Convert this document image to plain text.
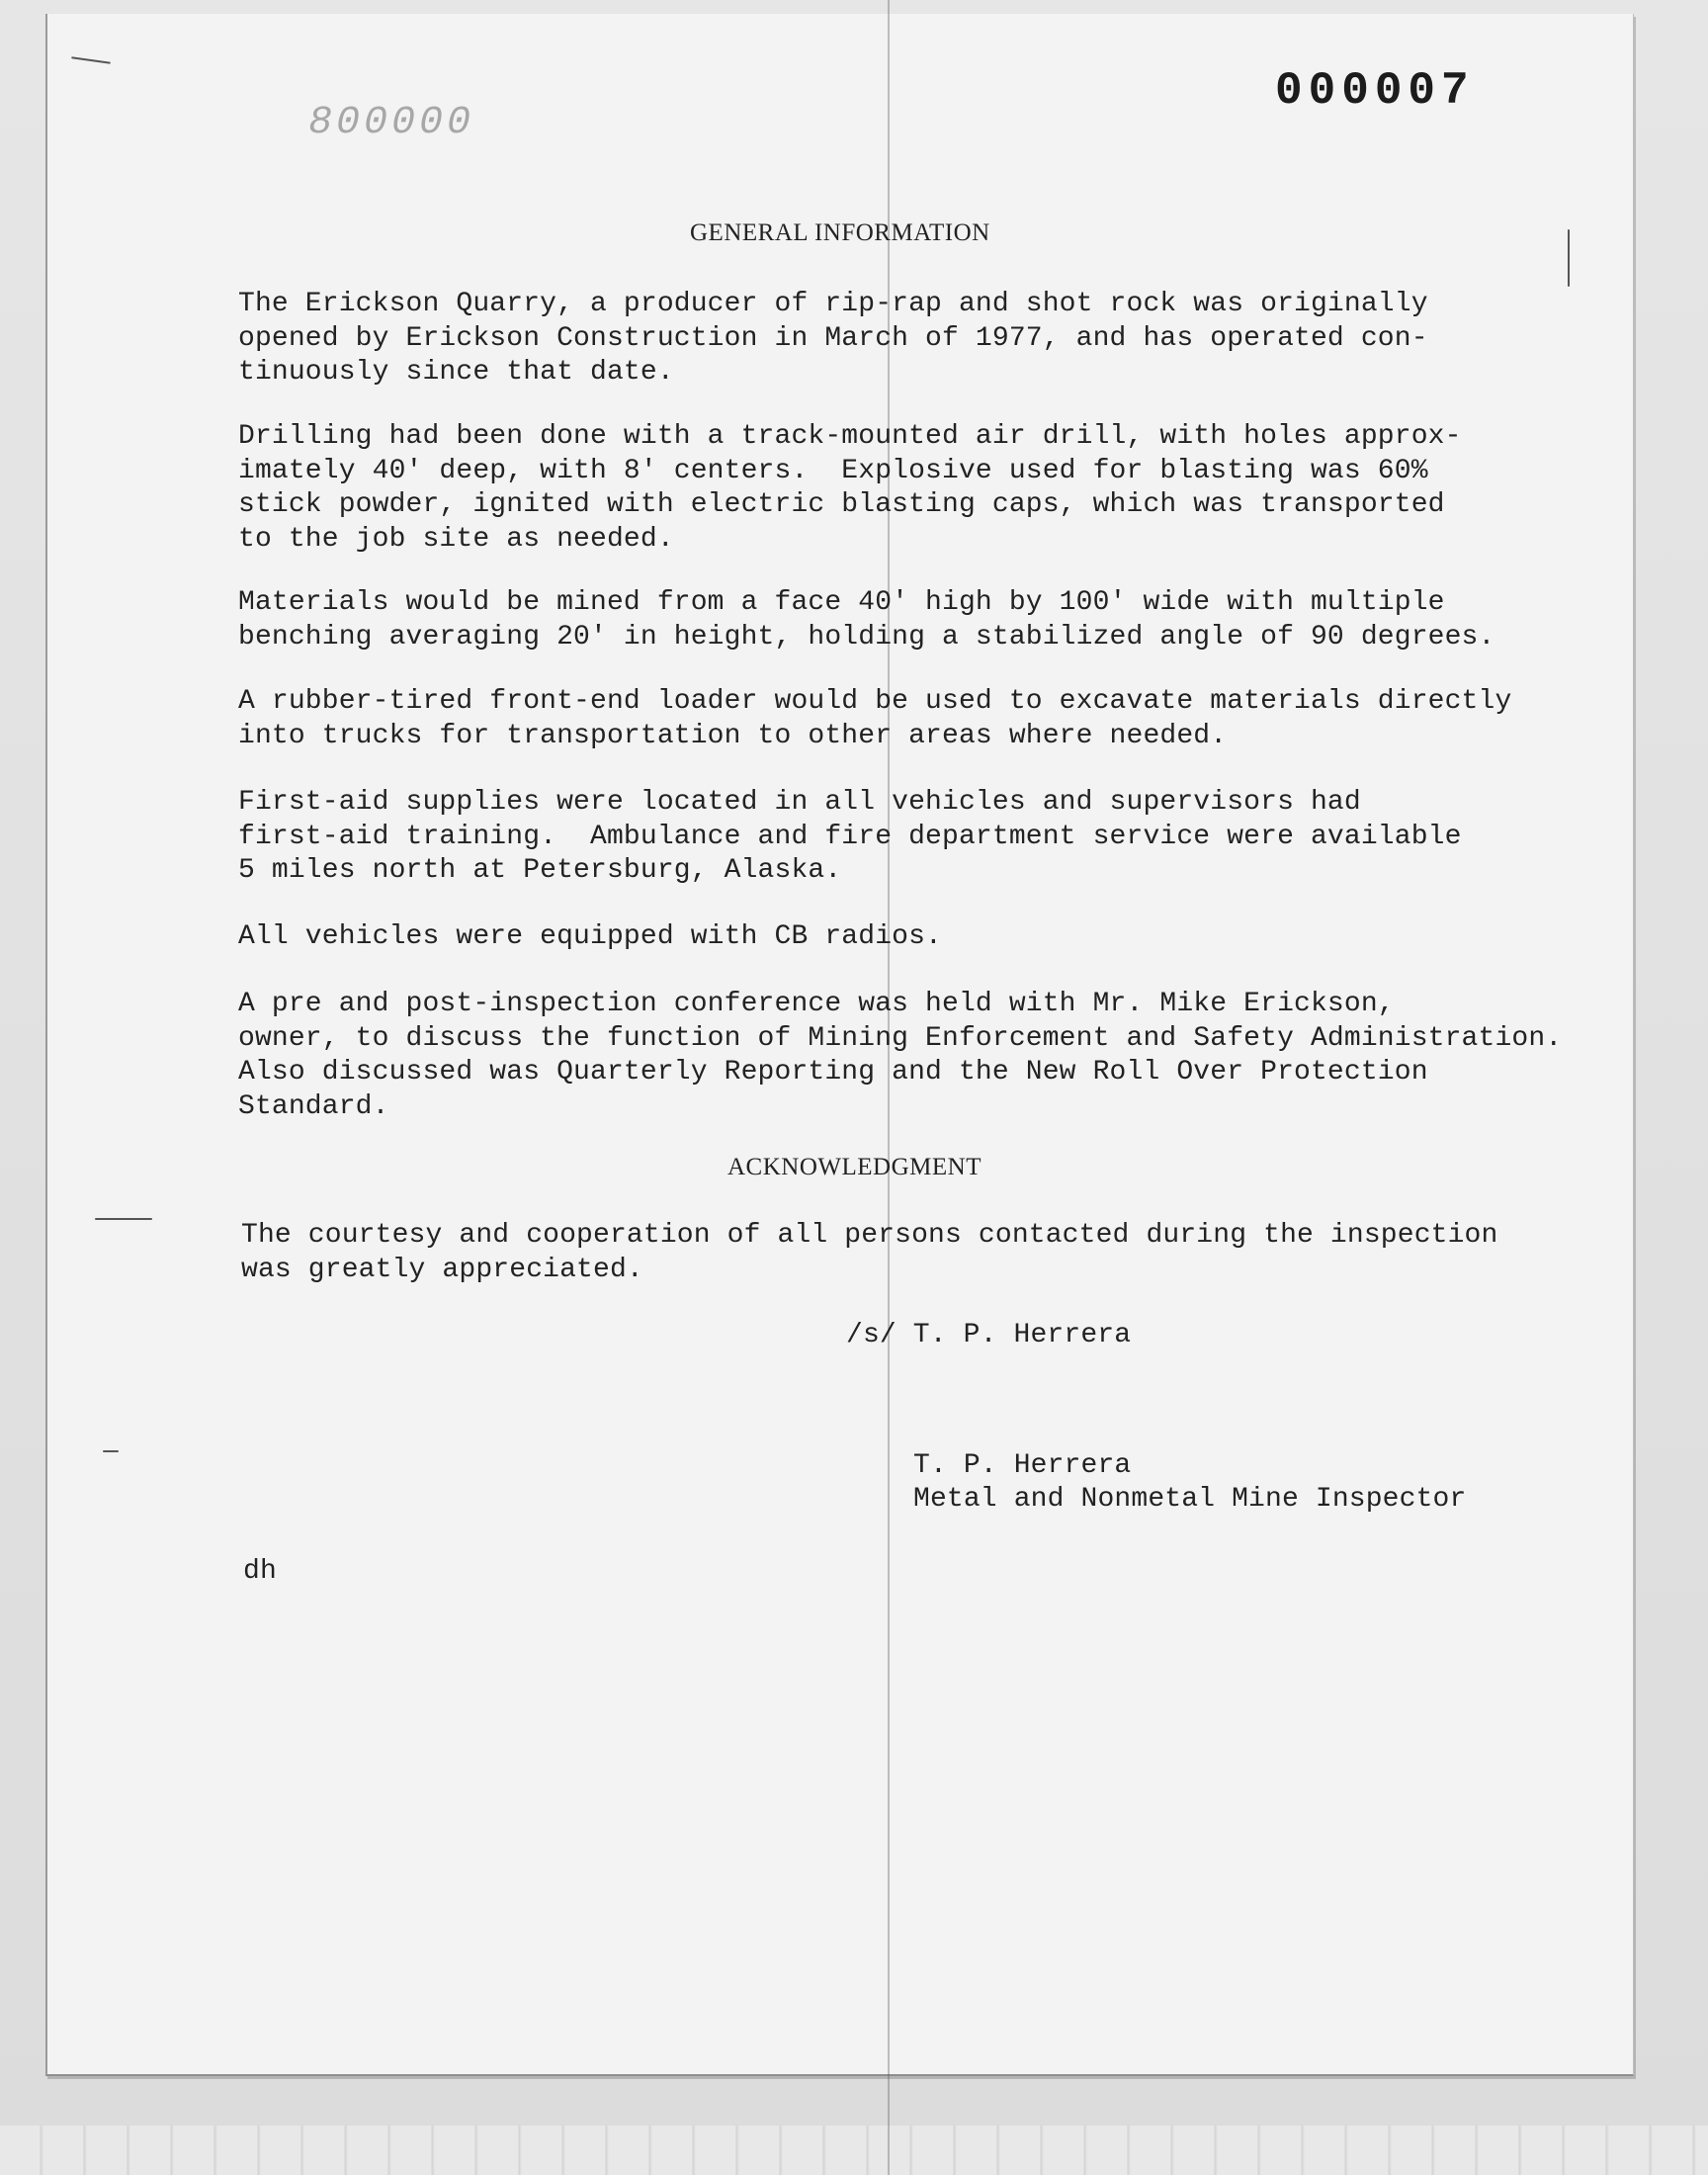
000007
800000
GENERAL INFORMATION
The Erickson Quarry, a producer of rip-rap and shot rock was originally
opened by Erickson Construction in March of 1977, and has operated con-
tinuously since that date.
Drilling had been done with a track-mounted air drill, with holes approx-
imately 40' deep, with 8' centers.  Explosive used for blasting was 60%
stick powder, ignited with electric blasting caps, which was transported
to the job site as needed.
Materials would be mined from a face 40' high by 100' wide with multiple
benching averaging 20' in height, holding a stabilized angle of 90 degrees.
A rubber-tired front-end loader would be used to excavate materials directly
into trucks for transportation to other areas where needed.
First-aid supplies were located in all vehicles and supervisors had
first-aid training.  Ambulance and fire department service were available
5 miles north at Petersburg, Alaska.
All vehicles were equipped with CB radios.
A pre and post-inspection conference was held with Mr. Mike Erickson,
owner, to discuss the function of Mining Enforcement and Safety Administration.
Also discussed was Quarterly Reporting and the New Roll Over Protection
Standard.
ACKNOWLEDGMENT
The courtesy and cooperation of all persons contacted during the inspection
was greatly appreciated.
/s/ T. P. Herrera
T. P. Herrera
Metal and Nonmetal Mine Inspector
dh
